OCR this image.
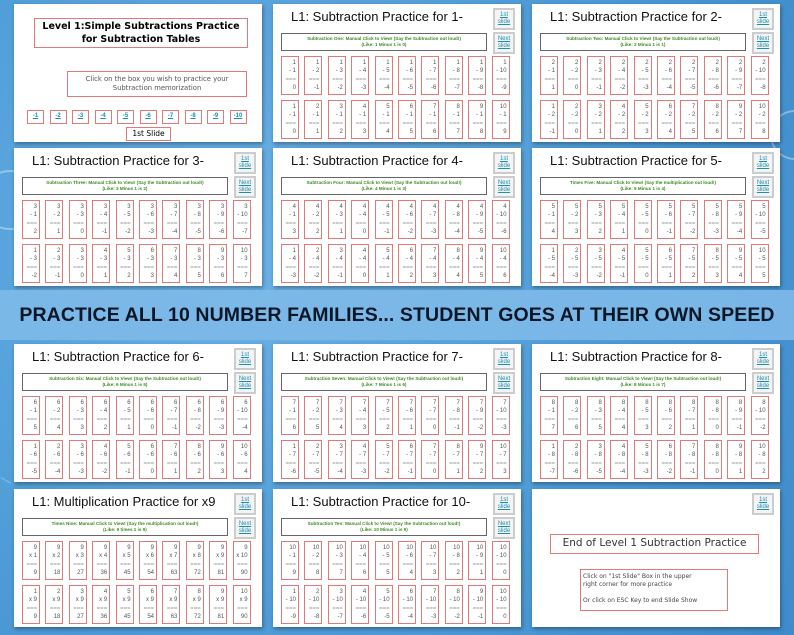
Level 1:Simple Subtractions Practice
for Subtraction Tables
Click on the box you wish to practice your
Subtraction memorization
-1	-2	-3	-4	-5	-6	-7	-8	-9	-10
1st Slide
1st
slide
End of Level 1 Subtraction Practice
Click on "1st Slide" Box in the upper
right corner for more practice
Or click on ESC Key to end Slide Show
L1: Subtraction Practice for 1-	1st
slide
Next
slide
Subtraction One: Manual Click to View! (Say the Subtraction out loud!)
(Like: 1 Minus 1 is 0)
1
- 1
===
0
1
- 2
===
-1
1
- 3
===
-2
1
- 4
===
-3
1
- 5
===
-4
1
- 6
===
-5
1
- 7
===
-6
1
- 8
===
-7
1
- 9
===
-8
1
- 10
===
-9
1
- 1
===
0
2
- 1
===
1
3
- 1
===
2
4
- 1
===
3
5
- 1
===
4
6
- 1
===
5
7
- 1
===
6
8
- 1
===
7
9
- 1
===
8
10
- 1
===
9
L1: Subtraction Practice for 2-	1st
slide
Next
slide
Subtraction Two: Manual Click to View! (Say the Subtraction out loud!)
(Like: 2 Minus 1 is 1)
2
- 1
===
1
2
- 2
===
0
2
- 3
===
-1
2
- 4
===
-2
2
- 5
===
-3
2
- 6
===
-4
2
- 7
===
-5
2
- 8
===
-6
2
- 9
===
-7
2
- 10
===
-8
1
- 2
===
-1
2
- 2
===
0
3
- 2
===
1
4
- 2
===
2
5
- 2
===
3
6
- 2
===
4
7
- 2
===
5
8
- 2
===
6
9
- 2
===
7
10
- 2
===
8
L1: Subtraction Practice for 3-	1st
slide
Next
slide
Subtraction Three: Manual Click to View! (Say the Subtraction out loud!)
(Like: 3 Minus 1 is 2)
3
- 1
===
2
3
- 2
===
1
3
- 3
===
0
3
- 4
===
-1
3
- 5
===
-2
3
- 6
===
-3
3
- 7
===
-4
3
- 8
===
-5
3
- 9
===
-6
3
- 10
===
-7
1
- 3
===
-2
2
- 3
===
-1
3
- 3
===
0
4
- 3
===
1
5
- 3
===
2
6
- 3
===
3
7
- 3
===
4
8
- 3
===
5
9
- 3
===
6
10
- 3
===
7
L1: Subtraction Practice for 4-	1st
slide
Next
slide
Subtraction Four: Manual Click to View! (Say the Subtraction out loud!)
(Like: 4 Minus 1 is 3)
4
- 1
===
3
4
- 2
===
2
4
- 3
===
1
4
- 4
===
0
4
- 5
===
-1
4
- 6
===
-2
4
- 7
===
-3
4
- 8
===
-4
4
- 9
===
-5
4
- 10
===
-6
1
- 4
===
-3
2
- 4
===
-2
3
- 4
===
-1
4
- 4
===
0
5
- 4
===
1
6
- 4
===
2
7
- 4
===
3
8
- 4
===
4
9
- 4
===
5
10
- 4
===
6
L1: Subtraction Practice for 5-	1st
slide
Next
slide
Times Five: Manual Click to View! (Say the multiplication out loud!)
(Like: 5 Minus 1 is 4)
5
- 1
===
4
5
- 2
===
3
5
- 3
===
2
5
- 4
===
1
5
- 5
===
0
5
- 6
===
-1
5
- 7
===
-2
5
- 8
===
-3
5
- 9
===
-4
5
- 10
===
-5
1
- 5
===
-4
2
- 5
===
-3
3
- 5
===
-2
4
- 5
===
-1
5
- 5
===
0
6
- 5
===
1
7
- 5
===
2
8
- 5
===
3
9
- 5
===
4
10
- 5
===
5
L1: Subtraction Practice for 6-	1st
slide
Next
slide
Subtraction Six: Manual Click to View! (Say the Subtraction out loud!)
(Like: 6 Minus 1 is 5)
6
- 1
===
5
6
- 2
===
4
6
- 3
===
3
6
- 4
===
2
6
- 5
===
1
6
- 6
===
0
6
- 7
===
-1
6
- 8
===
-2
6
- 9
===
-3
6
- 10
===
-4
1
- 6
===
-5
2
- 6
===
-4
3
- 6
===
-3
4
- 6
===
-2
5
- 6
===
-1
6
- 6
===
0
7
- 6
===
1
8
- 6
===
2
9
- 6
===
3
10
- 6
===
4
L1: Subtraction Practice for 7-	1st
slide
Next
slide
Subtraction Seven: Manual Click to View! (Say the Subtraction out loud!)
(Like: 7 Minus 1 is 6)
7
- 1
===
6
7
- 2
===
5
7
- 3
===
4
7
- 4
===
3
7
- 5
===
2
7
- 6
===
1
7
- 7
===
0
7
- 8
===
-1
7
- 9
===
-2
7
- 10
===
-3
1
- 7
===
-6
2
- 7
===
-5
3
- 7
===
-4
4
- 7
===
-3
5
- 7
===
-2
6
- 7
===
-1
7
- 7
===
0
8
- 7
===
1
9
- 7
===
2
10
- 7
===
3
L1: Subtraction Practice for 8-	1st
slide
Next
slide
Subtraction Eight: Manual Click to View! (Say the Subtraction out loud!)
(Like: 8 Minus 1 is 7)
8
- 1
===
7
8
- 2
===
6
8
- 3
===
5
8
- 4
===
4
8
- 5
===
3
8
- 6
===
2
8
- 7
===
1
8
- 8
===
0
8
- 9
===
-1
8
- 10
===
-2
1
- 8
===
-7
2
- 8
===
-6
3
- 8
===
-5
4
- 8
===
-4
5
- 8
===
-3
6
- 8
===
-2
7
- 8
===
-1
8
- 8
===
0
9
- 8
===
1
10
- 8
===
2
L1: Multiplication Practice for x9	1st
slide
Next
slide
Times Nine: Manual Click to View! (Say the multiplication out loud!)
(Like: 9 times 1 is 9)
9
x 1
===
9
9
x 2
===
18
9
x 3
===
27
9
x 4
===
36
9
x 5
===
45
9
x 6
===
54
9
x 7
===
63
9
x 8
===
72
9
x 9
===
81
9
x 10
===
90
1
x 9
===
9
2
x 9
===
18
3
x 9
===
27
4
x 9
===
36
5
x 9
===
45
6
x 9
===
54
7
x 9
===
63
8
x 9
===
72
9
x 9
===
81
10
x 9
===
90
L1: Subtraction Practice for 10-	1st
slide
Next
slide
Subtraction Ten: Manual Click to View! (Say the Subtraction out loud!)
(Like: 10 Minus 1 is 9)
10
- 1
===
9
10
- 2
===
8
10
- 3
===
7
10
- 4
===
6
10
- 5
===
5
10
- 6
===
4
10
- 7
===
3
10
- 8
===
2
10
- 9
===
1
10
- 10
===
0
1
- 10
===
-9
2
- 10
===
-8
3
- 10
===
-7
4
- 10
===
-6
5
- 10
===
-5
6
- 10
===
-4
7
- 10
===
-3
8
- 10
===
-2
9
- 10
===
-1
10
- 10
===
0
PRACTICE ALL 10 NUMBER FAMILIES... STUDENT GOES AT THEIR OWN SPEED
